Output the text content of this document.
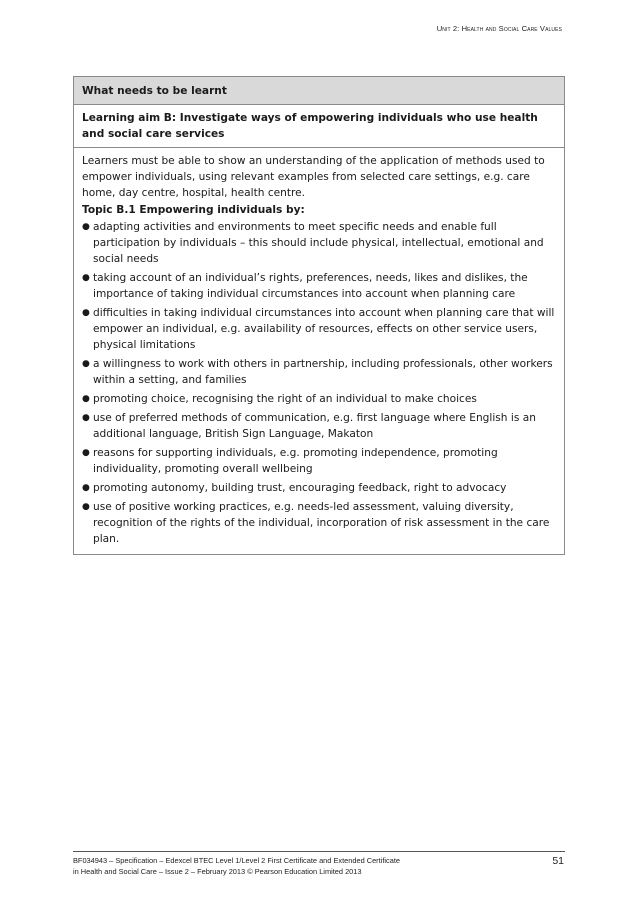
Unit 2: Health and Social Care Values
What needs to be learnt
Learning aim B: Investigate ways of empowering individuals who use health and social care services

Learners must be able to show an understanding of the application of methods used to empower individuals, using relevant examples from selected care settings, e.g. care home, day centre, hospital, health centre.

Topic B.1 Empowering individuals by:
● adapting activities and environments to meet specific needs and enable full participation by individuals – this should include physical, intellectual, emotional and social needs
● taking account of an individual’s rights, preferences, needs, likes and dislikes, the importance of taking individual circumstances into account when planning care
● difficulties in taking individual circumstances into account when planning care that will empower an individual, e.g. availability of resources, effects on other service users, physical limitations
● a willingness to work with others in partnership, including professionals, other workers within a setting, and families
● promoting choice, recognising the right of an individual to make choices
● use of preferred methods of communication, e.g. first language where English is an additional language, British Sign Language, Makaton
● reasons for supporting individuals, e.g. promoting independence, promoting individuality, promoting overall wellbeing
● promoting autonomy, building trust, encouraging feedback, right to advocacy
● use of positive working practices, e.g. needs-led assessment, valuing diversity, recognition of the rights of the individual, incorporation of risk assessment in the care plan.
BF034943 – Specification – Edexcel BTEC Level 1/Level 2 First Certificate and Extended Certificate
in Health and Social Care – Issue 2 – February 2013 © Pearson Education Limited 2013
51
